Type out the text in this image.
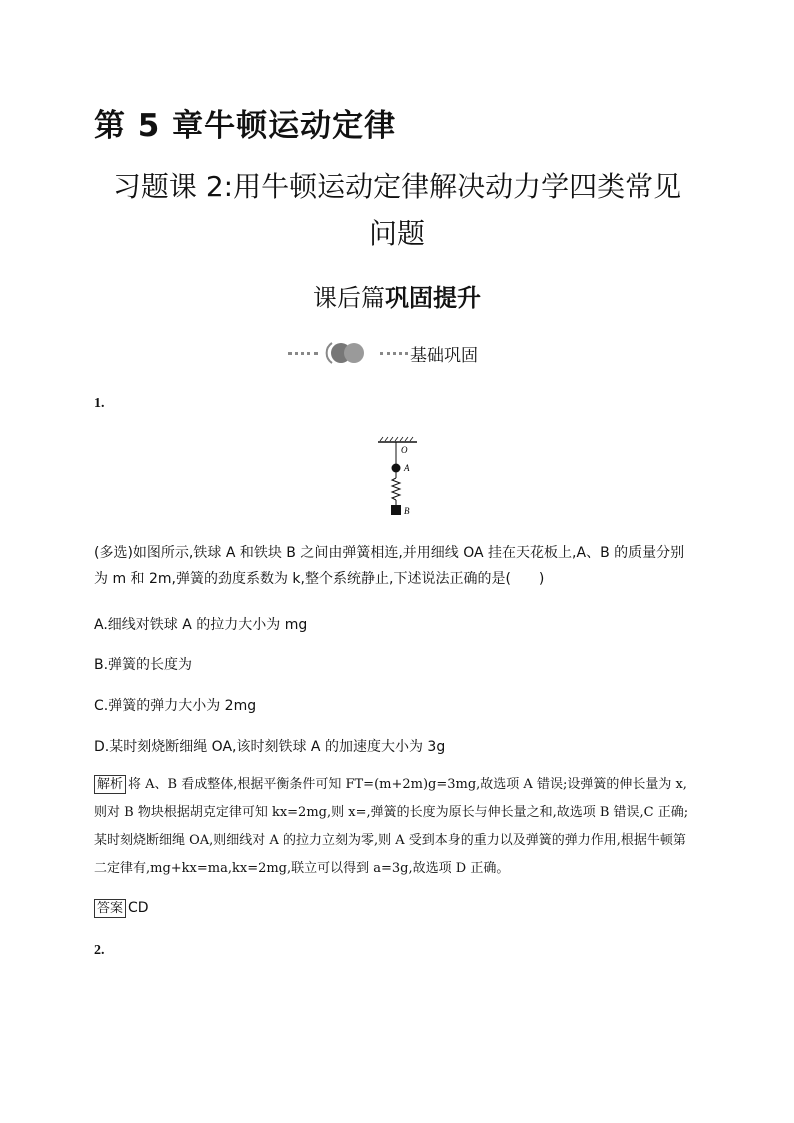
第 5 章牛顿运动定律
习题课 2:用牛顿运动定律解决动力学四类常见问题
课后篇巩固提升
基础巩固
1.
O
A
B
(多选)如图所示,铁球 A 和铁块 B 之间由弹簧相连,并用细线 OA 挂在天花板上,A、B 的质量分别为 m 和 2m,弹簧的劲度系数为 k,整个系统静止,下述说法正确的是(　　)
A.细线对铁球 A 的拉力大小为 mg
B.弹簧的长度为
C.弹簧的弹力大小为 2mg
D.某时刻烧断细绳 OA,该时刻铁球 A 的加速度大小为 3g
解析 将 A、B 看成整体,根据平衡条件可知 FT=(m+2m)g=3mg,故选项 A 错误;设弹簧的伸长量为 x,则对 B 物块根据胡克定律可知 kx=2mg,则 x=,弹簧的长度为原长与伸长量之和,故选项 B 错误,C 正确;某时刻烧断细绳 OA,则细线对 A 的拉力立刻为零,则 A 受到本身的重力以及弹簧的弹力作用,根据牛顿第二定律有,mg+kx=ma,kx=2mg,联立可以得到 a=3g,故选项 D 正确。
答案 CD
2.
